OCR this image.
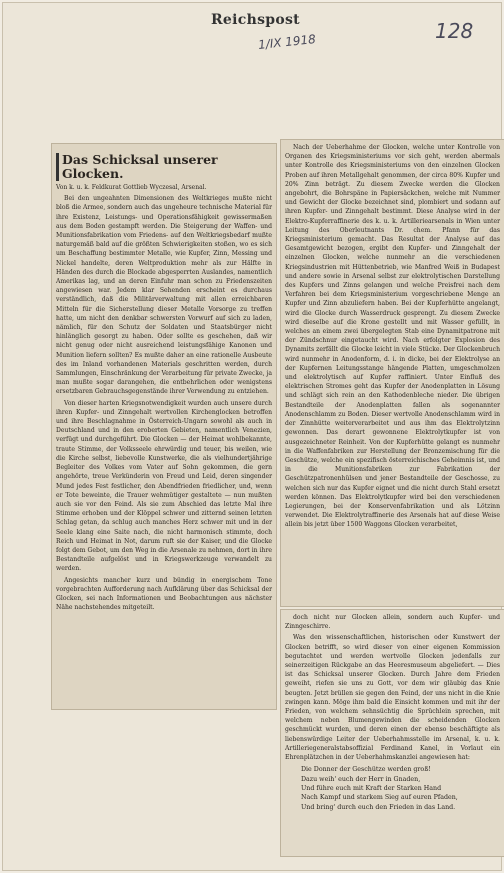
Reichspost
1/IX 1918	128
Das Schicksal unserer Glocken.
Von k. u. k. Feldkurat Gottlieb Wyczesal, Arsenal.

Bei den ungeahnten Dimensionen des Weltkrieges mußte nicht bloß die Armee, sondern auch das ungeheure technische Material für ihre Existenz, Leistungs- und Operationsfähigkeit gewissermaßen aus dem Boden gestampft werden. Die Steigerung der Waffen- und Munitionsfabrikation vom Friedens- auf den Weltkriegsbedarf mußte naturgemäß bald auf die größten Schwierigkeiten stoßen, wo es sich um Beschaffung bestimmter Metalle, wie Kupfer, Zinn, Messing und Nickel handelte, deren Weltproduktion mehr als zur Hälfte in Händen des durch die Blockade abgesperrten Auslandes, namentlich Amerikas lag, und an deren Einfuhr man schon zu Friedenszeiten angewiesen war. Jedem klar Sehenden erscheint es durchaus verständlich, daß die Militärverwaltung mit allen erreichbaren Mitteln für die Sicherstellung dieser Metalle Vorsorge zu treffen hatte, um nicht den denkbar schwersten Vorwurf auf sich zu laden, nämlich, für den Schutz der Soldaten und Staatsbürger nicht hinlänglich gesorgt zu haben. Oder sollte es geschehen, daß wir nicht genug oder nicht ausreichend leistungsfähige Kanonen und Munition liefern sollten? Es mußte daher an eine rationelle Ausbeute des im Inland vorhandenen Materials geschritten werden, durch Sammlungen, Einschränkung der Verarbeitung für private Zwecke, ja man mußte sogar darangehen, die entbehrlichen oder wenigstens ersetzbaren Gebrauchsgegenstände ihrer Verwendung zu entziehen.

Von dieser harten Kriegsnotwendigkeit wurden auch unsere durch ihren Kupfer- und Zinngehalt wertvollen Kirchenglocken betroffen und ihre Beschlagnahme in Österreich-Ungarn sowohl als auch in Deutschland und in den eroberten Gebieten, namentlich Venezien, verfügt und durchgeführt. Die Glocken — der Heimat wohlbekannte, traute Stimme, der Volksseele ehrwürdig und teuer, bis weilen, wie die Kirche selbst, liebevolle Kunstwerke, die als vielhundertjährige Begleiter des Volkes vom Vater auf Sohn gekommen, die gern angehörte, treue Verkünderin von Freud und Leid, deren singender Mund jedes Fest festlicher, den Abendfrieden friedlicher, und, wenn er Tote beweinte, die Trauer wehmütiger gestaltete — nun mußten auch sie vor den Feind. Als sie zum Abschied das letzte Mal ihre Stimme erhoben und der Klöppel schwer und zitternd seinen letzten Schlag getan, da schlug auch manches Herz schwer mit und in der Seele klang eine Saite nach, die nicht harmonisch stimmte, doch Reich und Heimat in Not, darum ruft sie der Kaiser, und die Glocke folgt dem Gebot, um den Weg in die Arsenale zu nehmen, dort in ihre Bestandteile aufgelöst und in Kriegswerkzeuge verwandelt zu werden.

Angesichts mancher kurz und bündig in energischem Tone vorgebrachten Aufforderung nach Aufklärung über das Schicksal der Glocken, sei nach Informationen und Beobachtungen aus nächster Nähe nachstehendes mitgeteilt.

Nach der Ueberhahme der Glocken, welche unter Kontrolle von Organen des Kriegsministeriums vor sich geht, werden abermals unter Kontrolle des Kriegsministeriums von den einzelnen Glocken Proben auf ihren Metallgehalt genommen, der circa 80% Kupfer und 20% Zinn beträgt. Zu diesem Zwecke werden die Glocken angebohrt, die Bohrspäne in Papiersäckchen, welche mit Nummer und Gewicht der Glocke bezeichnet sind, plombiert und sodann auf ihren Kupfer- und Zinngehalt bestimmt. Diese Analyse wird in der Elektro-Kupferraffinerie des k. u. k. Artilleriearsenals in Wien unter Leitung des Oberleutnants Dr. chem. Pfann für das Kriegsministerium gemacht. Das Resultat der Analyse auf das Gesamtgewicht bezogen, ergibt den Kupfer- und Zinngehalt der einzelnen Glocken, welche nunmehr an die verschiedenen Kriegsindustrien mit Hüttenbetrieb, wie Manfred Weiß in Budapest und andere sowie in Arsenal selbst zur elektrolytischen Darstellung des Kupfers und Zinns gelangen und welche Preisfrei nach dem Verfahren bei dem Kriegsministerium vorgeschriebene Menge an Kupfer und Zinn abzuliefern haben. Bei der Kupferhütte angelangt, wird die Glocke durch Wasserdruck gesprengt. Zu diesem Zwecke wird dieselbe auf die Krone gestellt und mit Wasser gefüllt, in welches an einem zwei übergelegten Stab eine Dynamitpatrone mit der Zündschnur eingetaucht wird. Nach erfolgter Explosion des Dynamits zerfällt die Glocke leicht in viele Stücke. Der Glockenbruch wird nunmehr in Anodenform, d. i. in dicke, bei der Elektrolyse an der Kupfernen Leitungsstange hängende Platten, umgeschmolzen und elektrolytisch auf Kupfer raffiniert. Unter Einfluß des elektrischen Stromes geht das Kupfer der Anodenplatten in Lösung und schlägt sich rein an den Kathodenbleche nieder. Die übrigen Bestandteile der Anodenplatten fallen als sogenannter Anodenschlamm zu Boden. Dieser wertvolle Anodenschlamm wird in der Zinnhütte weiterverarbeitet und aus ihm das Elektrolytzinn gewonnen. Das derart gewonnene Elektrolytkupfer ist von ausgezeichneter Reinheit. Von der Kupferhütte gelangt es nunmehr in die Waffenfabriken zur Herstellung der Bronzemischung für die Geschütze, welche ein spezifisch österreichisches Geheimnis ist, und in die Munitionsfabriken zur Fabrikation der Geschützpatronenhülsen und jener Bestandteile der Geschosse, zu welchen sich nur das Kupfer eignet und die nicht durch Stahl ersetzt werden können. Das Elektrolytkupfer wird bei den verschiedenen Legierungen, bei der Konservenfabrikation und als Lötzinn verwendet. Die Elektrolytraffinerie des Arsenals hat auf diese Weise allein bis jetzt über 1500 Waggons Glocken verarbeitet,

doch nicht nur Glocken allein, sondern auch Kupfer- und Zinngeschirre.

Was den wissenschaftlichen, historischen oder Kunstwert der Glocken betrifft, so wird dieser von einer eigenen Kommission begutachtet und werden wertvolle Glocken jedenfalls zur seinerzeitigen Rückgabe an das Heeresmuseum abgeliefert. — Dies ist das Schicksal unserer Glocken. Durch Jahre dem Frieden geweiht, riefen sie uns zu Gott, vor dem wir gläubig das Knie beugten. Jetzt brüllen sie gegen den Feind, der uns nicht in die Knie zwingen kann. Möge ihm bald die Einsicht kommen und mit ihr der Frieden, von welchem sehnsüchtig die Sprüchlein sprechen, mit welchem neben Blumengewinden die scheidenden Glocken geschmückt wurden, und deren einen der ebenso beschäftigte als liebenswürdige Leiter der Ueberhahmsstelle im Arsenal, k. u. k. Artilleriegeneralstabsoffizial Ferdinand Kanel, in Vorlaut ein Ehrenplätzchen in der Ueberhahmskanzlei angewiesen hat:

Die Donner der Geschütze werden groß!
Dazu weih' euch der Herr in Gnaden,
Und führe euch mit Kraft der Starken Hand
Nach Kampf und starkem Sieg auf euren Pfaden,
Und bring' durch euch den Frieden in das Land.
